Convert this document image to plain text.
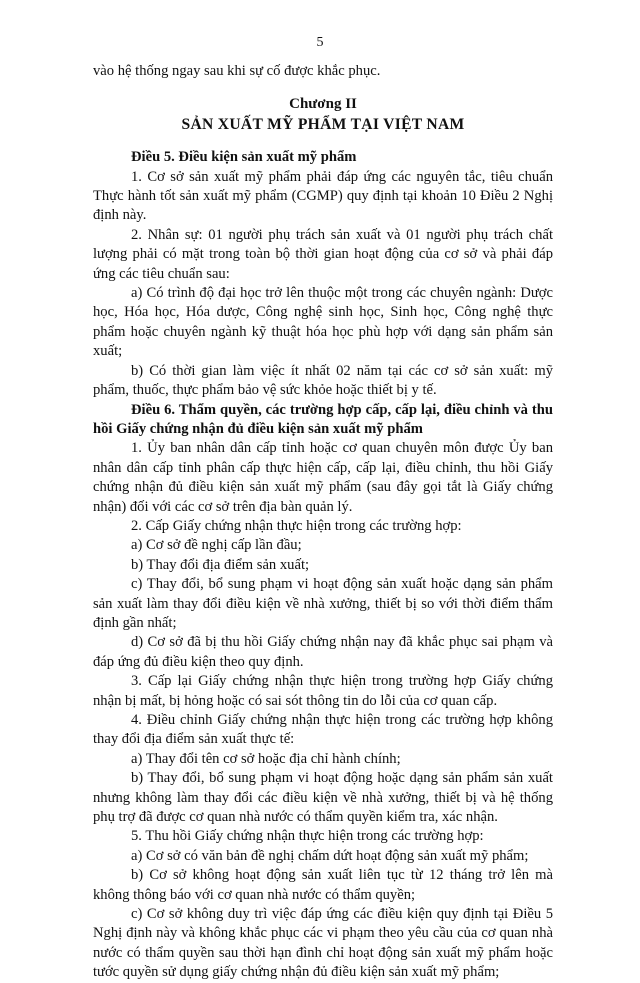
5

vào hệ thống ngay sau khi sự cố được khắc phục.

Chương II

SẢN XUẤT MỸ PHẨM TẠI VIỆT NAM

Điều 5. Điều kiện sản xuất mỹ phẩm

1. Cơ sở sản xuất mỹ phẩm phải đáp ứng các nguyên tắc, tiêu chuẩn Thực hành tốt sản xuất mỹ phẩm (CGMP) quy định tại khoản 10 Điều 2 Nghị định này.

2. Nhân sự: 01 người phụ trách sản xuất và 01 người phụ trách chất lượng phải có mặt trong toàn bộ thời gian hoạt động của cơ sở và phải đáp ứng các tiêu chuẩn sau:

a) Có trình độ đại học trở lên thuộc một trong các chuyên ngành: Dược học, Hóa học, Hóa dược, Công nghệ sinh học, Sinh học, Công nghệ thực phẩm hoặc chuyên ngành kỹ thuật hóa học phù hợp với dạng sản phẩm sản xuất;

b) Có thời gian làm việc ít nhất 02 năm tại các cơ sở sản xuất: mỹ phẩm, thuốc, thực phẩm bảo vệ sức khỏe hoặc thiết bị y tế.

Điều 6. Thẩm quyền, các trường hợp cấp, cấp lại, điều chỉnh và thu hồi Giấy chứng nhận đủ điều kiện sản xuất mỹ phẩm

1. Ủy ban nhân dân cấp tỉnh hoặc cơ quan chuyên môn được Ủy ban nhân dân cấp tỉnh phân cấp thực hiện cấp, cấp lại, điều chỉnh, thu hồi Giấy chứng nhận đủ điều kiện sản xuất mỹ phẩm (sau đây gọi tắt là Giấy chứng nhận) đối với các cơ sở trên địa bàn quản lý.

2. Cấp Giấy chứng nhận thực hiện trong các trường hợp:

a) Cơ sở đề nghị cấp lần đầu;

b) Thay đổi địa điểm sản xuất;

c) Thay đổi, bổ sung phạm vi hoạt động sản xuất hoặc dạng sản phẩm sản xuất làm thay đổi điều kiện về nhà xưởng, thiết bị so với thời điểm thẩm định gần nhất;

d) Cơ sở đã bị thu hồi Giấy chứng nhận nay đã khắc phục sai phạm và đáp ứng đủ điều kiện theo quy định.

3. Cấp lại Giấy chứng nhận thực hiện trong trường hợp Giấy chứng nhận bị mất, bị hỏng hoặc có sai sót thông tin do lỗi của cơ quan cấp.

4. Điều chỉnh Giấy chứng nhận thực hiện trong các trường hợp không thay đổi địa điểm sản xuất thực tế:

a) Thay đổi tên cơ sở hoặc địa chỉ hành chính;

b) Thay đổi, bổ sung phạm vi hoạt động hoặc dạng sản phẩm sản xuất nhưng không làm thay đổi các điều kiện về nhà xưởng, thiết bị và hệ thống phụ trợ đã được cơ quan nhà nước có thẩm quyền kiểm tra, xác nhận.

5. Thu hồi Giấy chứng nhận thực hiện trong các trường hợp:

a) Cơ sở có văn bản đề nghị chấm dứt hoạt động sản xuất mỹ phẩm;

b) Cơ sở không hoạt động sản xuất liên tục từ 12 tháng trở lên mà không thông báo với cơ quan nhà nước có thẩm quyền;

c) Cơ sở không duy trì việc đáp ứng các điều kiện quy định tại Điều 5 Nghị định này và không khắc phục các vi phạm theo yêu cầu của cơ quan nhà nước có thẩm quyền sau thời hạn đình chỉ hoạt động sản xuất mỹ phẩm hoặc tước quyền sử dụng giấy chứng nhận đủ điều kiện sản xuất mỹ phẩm;
